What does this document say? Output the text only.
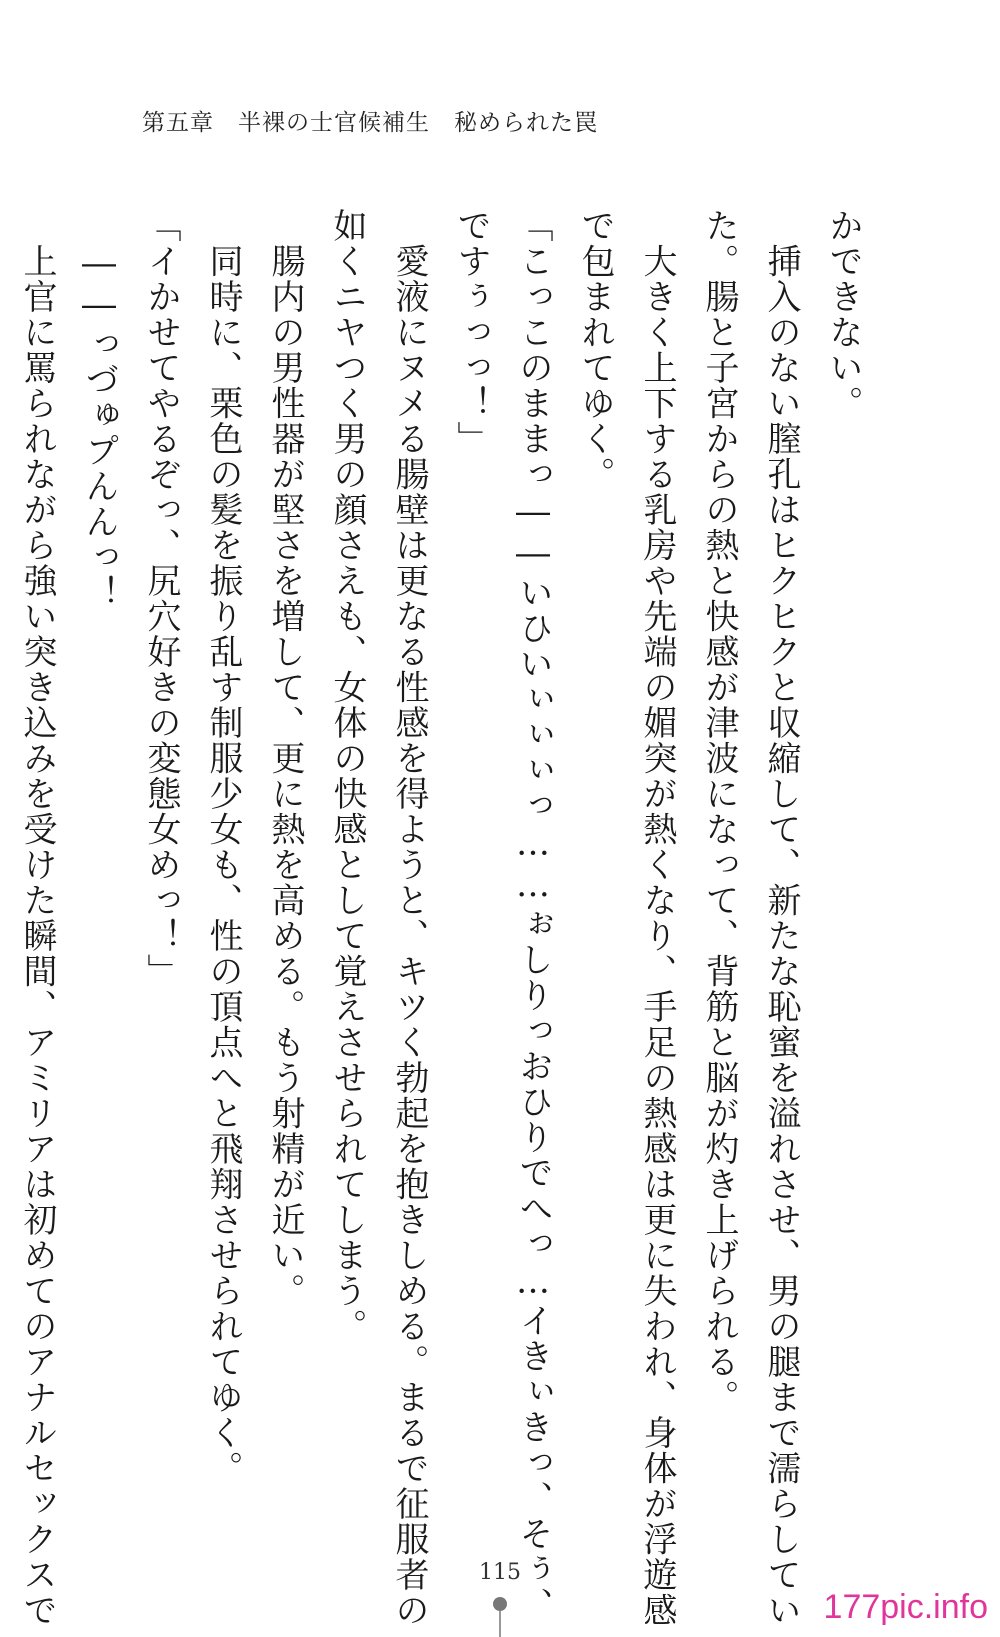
第五章　半裸の士官候補生　秘められた罠
かできない。
　挿入のない膣孔はヒクヒクと収縮して、新たな恥蜜を溢れさせ、男の腿まで濡らしてい
た。腸と子宮からの熱と快感が津波になって、背筋と脳が灼き上げられる。
　大きく上下する乳房や先端の媚突が熱くなり、手足の熱感は更に失われ、身体が浮遊感
で包まれてゆく。
「こっこのままっ――いひいぃぃぃっ……ぉしりっおひりでへっ…イきぃきっ、そぅ、
ですぅっっ！」
　愛液にヌメる腸壁は更なる性感を得ようと、キツく勃起を抱きしめる。まるで征服者の
如くニヤつく男の顔さえも、女体の快感として覚えさせられてしまう。
　腸内の男性器が堅さを増して、更に熱を高める。もう射精が近い。
　同時に、栗色の髪を振り乱す制服少女も、性の頂点へと飛翔させられてゆく。
「イかせてやるぞっ、尻穴好きの変態女めっ！」
　――っづゅプんんっ！
　上官に罵られながら強い突き込みを受けた瞬間、アミリアは初めてのアナルセックスで	115
177pic.info
